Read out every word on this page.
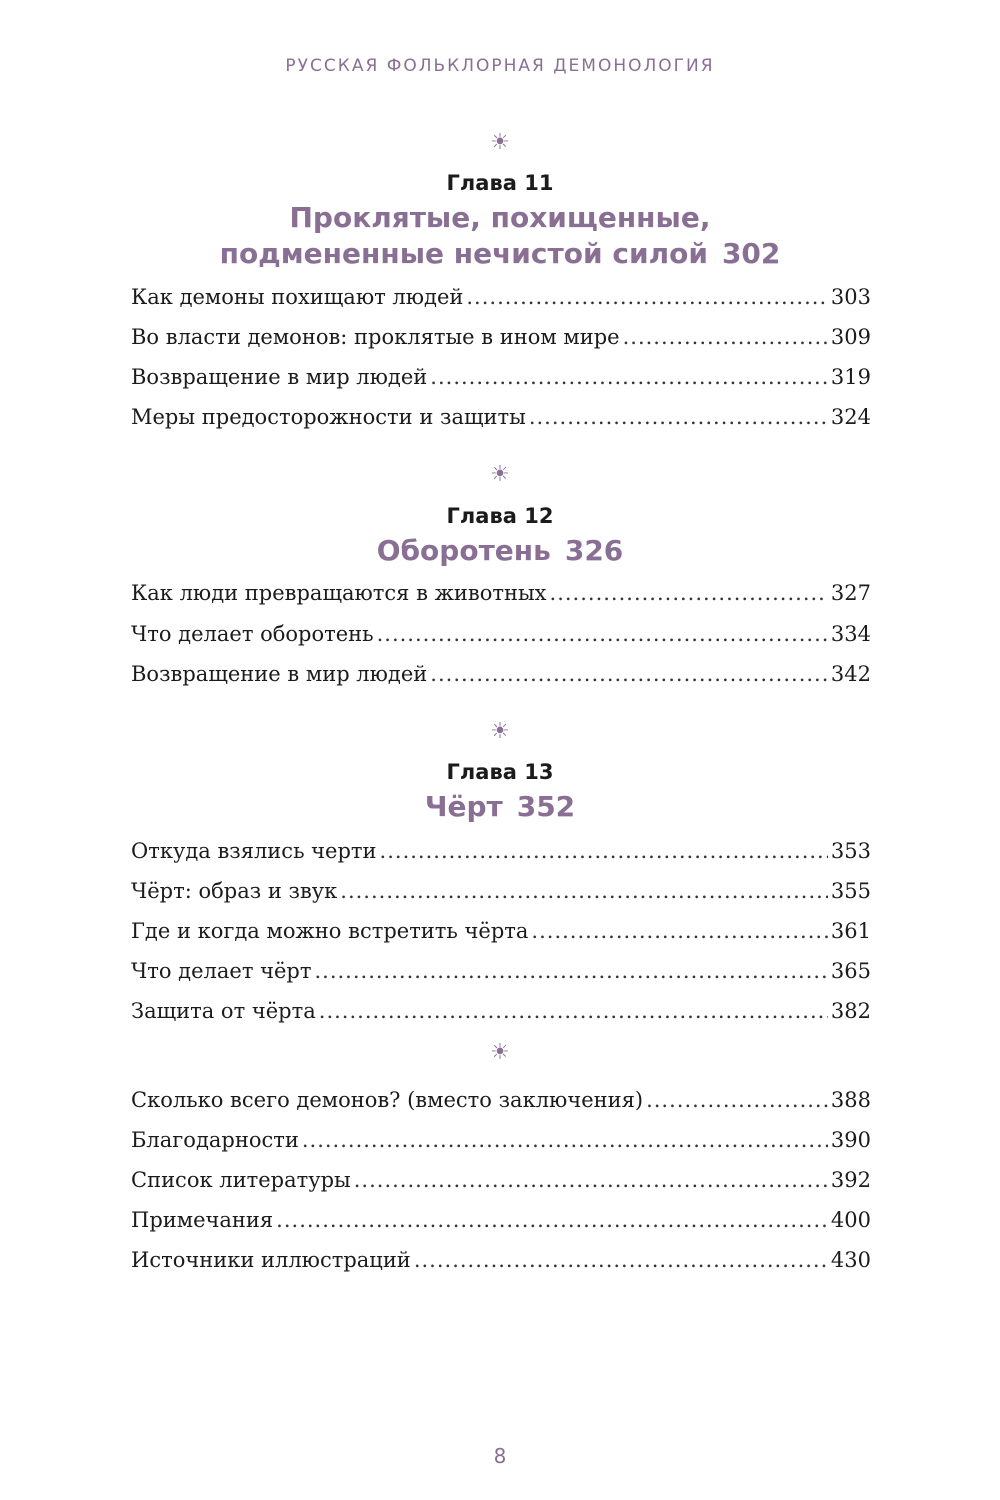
РУССКАЯ ФОЛЬКЛОРНАЯ ДЕМОНОЛОГИЯ
☀
Глава 11
Проклятые, похищенные,
подмененные нечистой силой 302
Как демоны похищают людей .....	303
Во власти демонов: проклятые в ином мире .....	309
Возвращение в мир людей .....	319
Меры предосторожности и защиты .....	324
☀
Глава 12
Оборотень 326
Как люди превращаются в животных .....	327
Что делает оборотень .....	334
Возвращение в мир людей .....	342
☀
Глава 13
Чёрт 352
Откуда взялись черти .....	353
Чёрт: образ и звук .....	355
Где и когда можно встретить чёрта .....	361
Что делает чёрт .....	365
Защита от чёрта .....	382
☀
Сколько всего демонов? (вместо заключения) .....	388
Благодарности .....	390
Список литературы .....	392
Примечания .....	400
Источники иллюстраций .....	430
8
